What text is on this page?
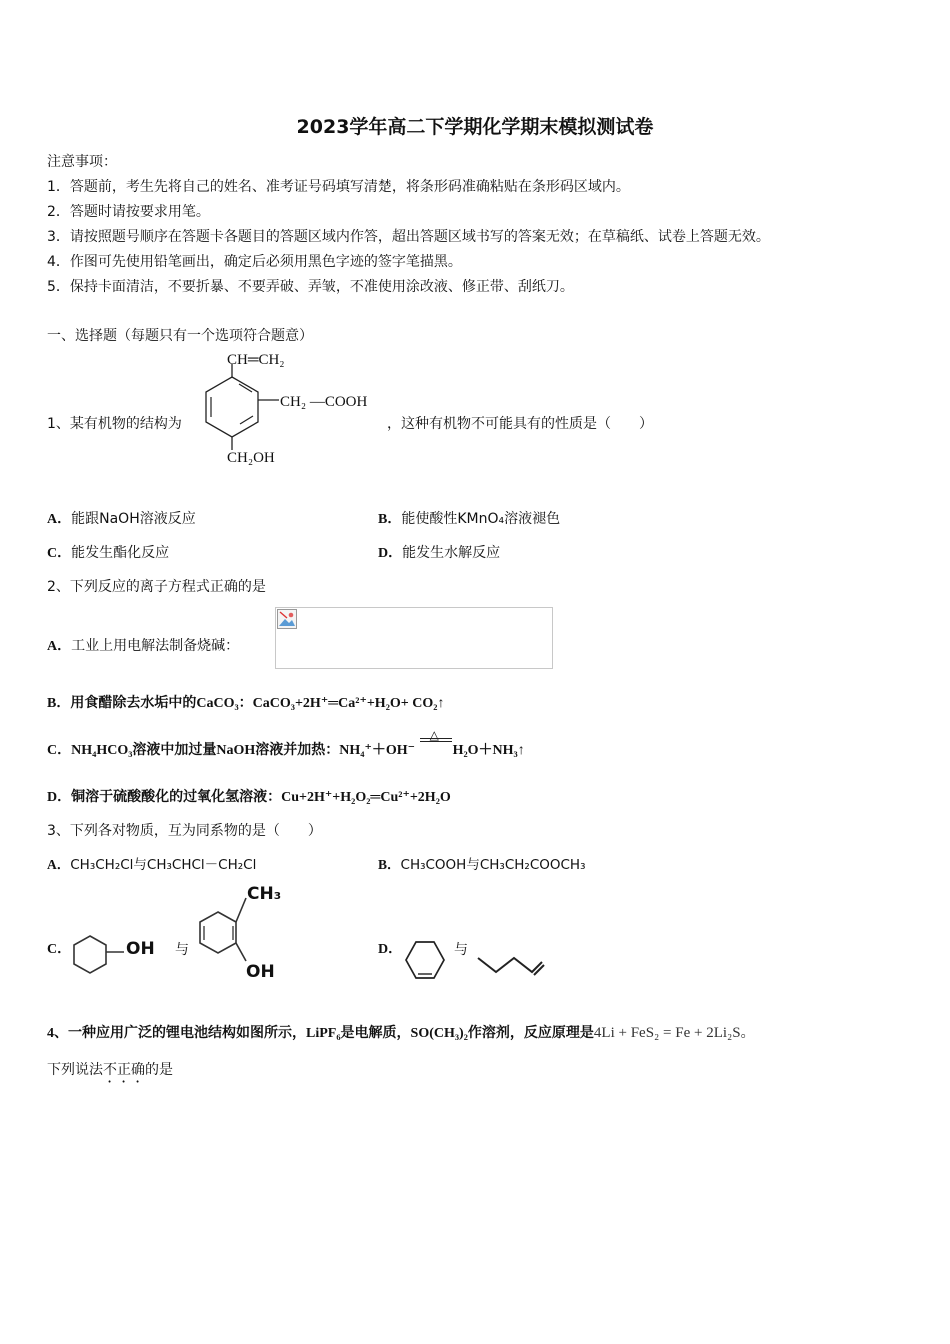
2023学年高二下学期化学期末模拟测试卷
注意事项：
1．答题前，考生先将自己的姓名、准考证号码填写清楚，将条形码准确粘贴在条形码区域内。
2．答题时请按要求用笔。
3．请按照题号顺序在答题卡各题目的答题区域内作答，超出答题区域书写的答案无效；在草稿纸、试卷上答题无效。
4．作图可先使用铅笔画出，确定后必须用黑色字迹的签字笔描黑。
5．保持卡面清洁，不要折暴、不要弄破、弄皱，不准使用涂改液、修正带、刮纸刀。
一、选择题（每题只有一个选项符合题意）
1、某有机物的结构为
CH═CH₂
CH₂ —COOH
CH₂OH
，这种有机物不可能具有的性质是（　　）
A．能跟NaOH溶液反应	B．能使酸性KMnO₄溶液褪色
C．能发生酯化反应	D．能发生水解反应
2、下列反应的离子方程式正确的是
A．工业上用电解法制备烧碱：
B．用食醋除去水垢中的CaCO₃：CaCO₃+2H⁺═Ca²⁺+H₂O+ CO₂↑
C．NH₄HCO₃溶液中加过量NaOH溶液并加热：NH₄⁺＋OH⁻
△
H₂O＋NH₃↑
D．铜溶于硫酸酸化的过氧化氢溶液：Cu+2H⁺+H₂O₂═Cu²⁺+2H₂O
3、下列各对物质，互为同系物的是（　　）
A．CH₃CH₂Cl与CH₃CHCl－CH₂Cl	B．CH₃COOH与CH₃CH₂COOCH₃
C．	OH 与
CH₃
OH
D．	与
4、一种应用广泛的锂电池结构如图所示，LiPF₆是电解质，SO(CH₃)₂作溶剂，反应原理是4Li + FeS₂ = Fe + 2Li₂S。
下列说法不正确的是
